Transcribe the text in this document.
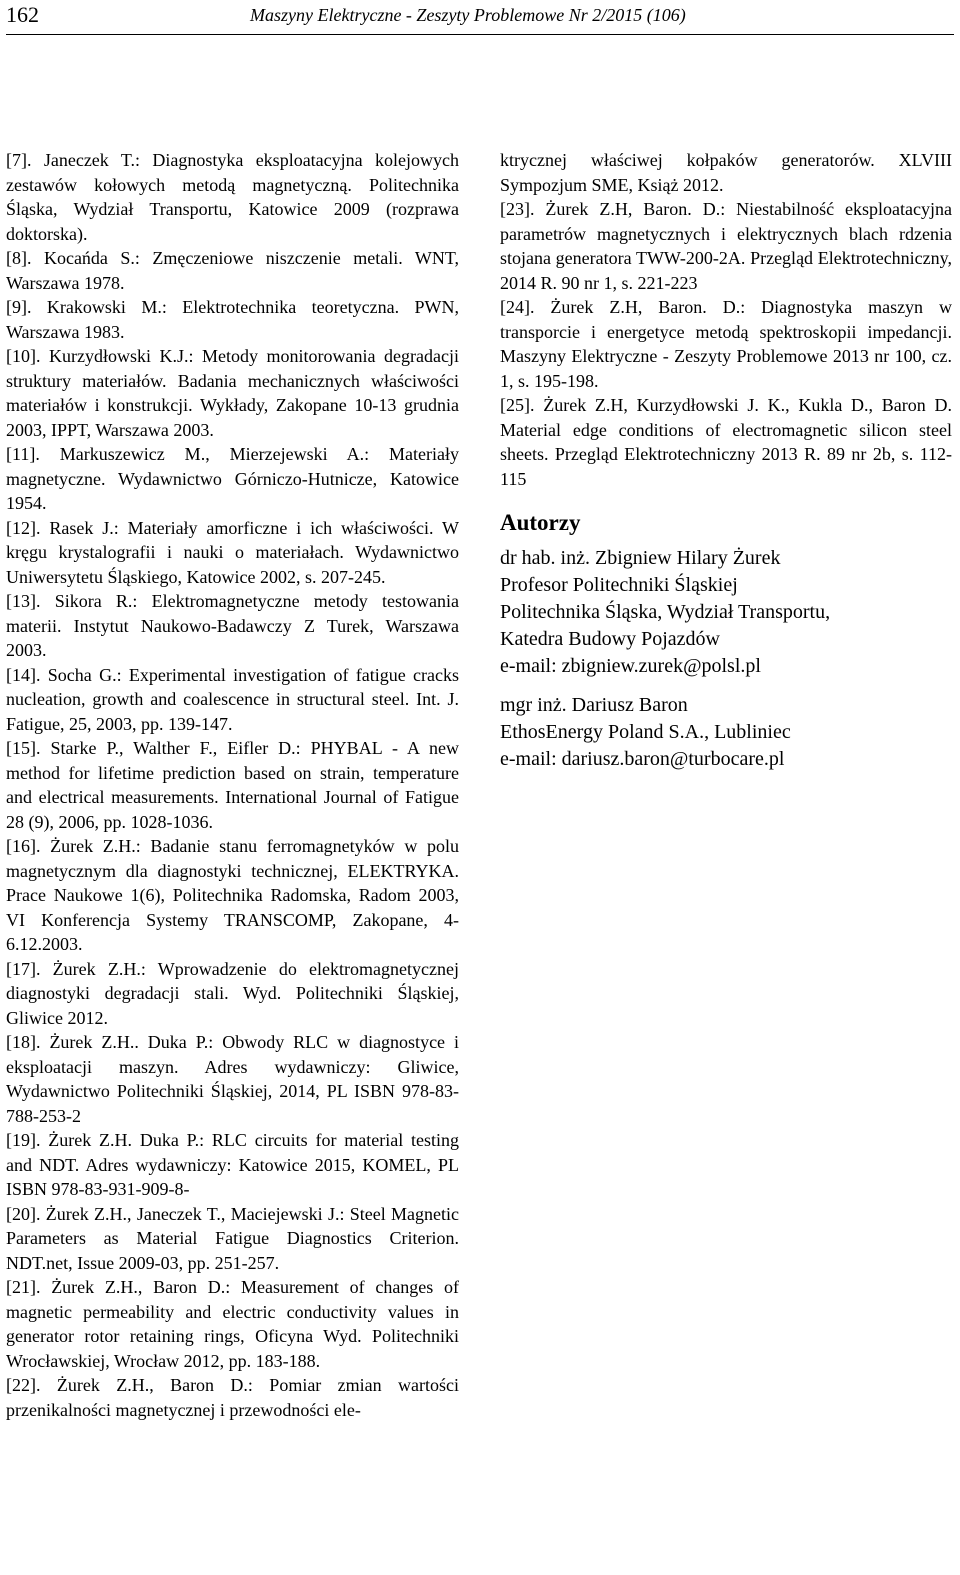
162	Maszyny Elektryczne - Zeszyty Problemowe Nr 2/2015 (106)

[7]. Janeczek T.: Diagnostyka eksploatacyjna kolejowych zestawów kołowych metodą magnetyczną. Politechnika Śląska, Wydział Transportu, Katowice 2009 (rozprawa doktorska).

[8]. Kocańda S.: Zmęczeniowe niszczenie metali. WNT, Warszawa 1978.

[9]. Krakowski M.: Elektrotechnika teoretyczna. PWN, Warszawa 1983.

[10]. Kurzydłowski K.J.: Metody monitorowania degradacji struktury materiałów. Badania mechanicznych właściwości materiałów i konstrukcji. Wykłady, Zakopane 10-13 grudnia 2003, IPPT, Warszawa 2003.

[11]. Markuszewicz M., Mierzejewski A.: Materiały magnetyczne. Wydawnictwo Górniczo-Hutnicze, Katowice 1954.

[12]. Rasek J.: Materiały amorficzne i ich właściwości. W kręgu krystalografii i nauki o materiałach. Wydawnictwo Uniwersytetu Śląskiego, Katowice 2002, s. 207-245.

[13]. Sikora R.: Elektromagnetyczne metody testowania materii. Instytut Naukowo-Badawczy Z Turek, Warszawa 2003.

[14]. Socha G.: Experimental investigation of fatigue cracks nucleation, growth and coalescence in structural steel. Int. J. Fatigue, 25, 2003, pp. 139-147.

[15]. Starke P., Walther F., Eifler D.: PHYBAL - A new method for lifetime prediction based on strain, temperature and electrical measurements. International Journal of Fatigue 28 (9), 2006, pp. 1028-1036.

[16]. Żurek Z.H.: Badanie stanu ferromagnetyków w polu magnetycznym dla diagnostyki technicznej, ELEKTRYKA. Prace Naukowe 1(6), Politechnika Radomska, Radom 2003, VI Konferencja Systemy TRANSCOMP, Zakopane, 4-6.12.2003.

[17]. Żurek Z.H.: Wprowadzenie do elektromagnetycznej diagnostyki degradacji stali. Wyd. Politechniki Śląskiej, Gliwice 2012.

[18]. Żurek Z.H.. Duka P.: Obwody RLC w diagnostyce i eksploatacji maszyn. Adres wydawniczy: Gliwice, Wydawnictwo Politechniki Śląskiej, 2014, PL ISBN 978-83-788-253-2

[19]. Żurek Z.H. Duka P.: RLC circuits for material testing and NDT. Adres wydawniczy: Katowice 2015, KOMEL, PL ISBN 978-83-931-909-8-

[20]. Żurek Z.H., Janeczek T., Maciejewski J.: Steel Magnetic Parameters as Material Fatigue Diagnostics Criterion. NDT.net, Issue 2009-03, pp. 251-257.

[21]. Żurek Z.H., Baron D.: Measurement of changes of magnetic permeability and electric conductivity values in generator rotor retaining rings, Oficyna Wyd. Politechniki Wrocławskiej, Wrocław 2012, pp. 183-188.

[22]. Żurek Z.H., Baron D.: Pomiar zmian wartości przenikalności magnetycznej i przewodności ele-

ktrycznej właściwej kołpaków generatorów. XLVIII Sympozjum SME, Książ 2012.

[23]. Żurek Z.H, Baron. D.: Niestabilność eksploatacyjna parametrów magnetycznych i elektrycznych blach rdzenia stojana generatora TWW-200-2A. Przegląd Elektrotechniczny, 2014 R. 90 nr 1, s. 221-223

[24]. Żurek Z.H, Baron. D.: Diagnostyka maszyn w transporcie i energetyce metodą spektroskopii impedancji. Maszyny Elektryczne - Zeszyty Problemowe 2013 nr 100, cz. 1, s. 195-198.

[25]. Żurek Z.H, Kurzydłowski J. K., Kukla D., Baron D. Material edge conditions of electromagnetic silicon steel sheets. Przegląd Elektrotechniczny 2013 R. 89 nr 2b, s. 112-115

Autorzy
dr hab. inż. Zbigniew Hilary Żurek
Profesor Politechniki Śląskiej
Politechnika Śląska, Wydział Transportu,
Katedra Budowy Pojazdów
e-mail: zbigniew.zurek@polsl.pl
mgr inż. Dariusz Baron
EthosEnergy Poland S.A., Lubliniec
e-mail: dariusz.baron@turbocare.pl
